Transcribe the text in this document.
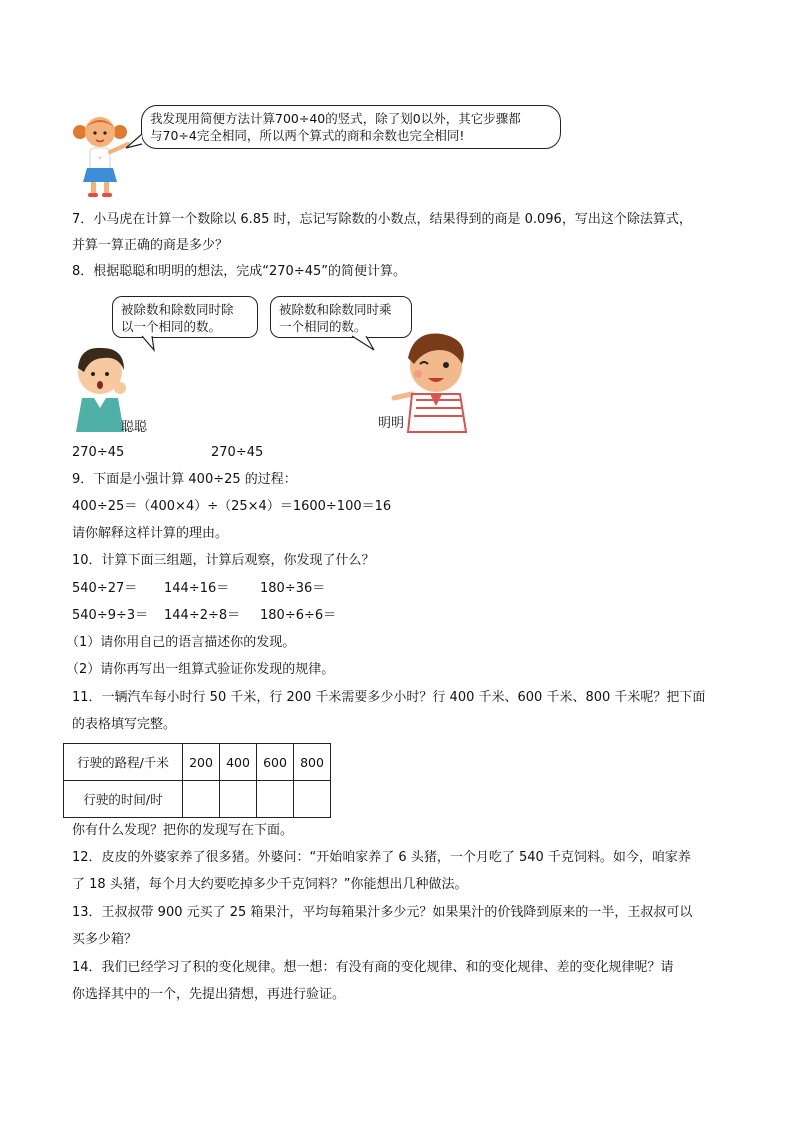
我发现用简便方法计算700÷40的竖式，除了划0以外，其它步骤都
与70÷4完全相同，所以两个算式的商和余数也完全相同!
7．小马虎在计算一个数除以 6.85 时，忘记写除数的小数点，结果得到的商是 0.096，写出这个除法算式，
并算一算正确的商是多少？
8．根据聪聪和明明的想法，完成“270÷45”的简便计算。
被除数和除数同时除
以一个相同的数。
被除数和除数同时乘
一个相同的数。
聪聪	明明
270÷45	270÷45
9．下面是小强计算 400÷25 的过程：
400÷25＝（400×4）÷（25×4）＝1600÷100＝16
请你解释这样计算的理由。
10．计算下面三组题，计算后观察，你发现了什么？
540÷27＝ 144÷16＝ 180÷36＝
540÷9÷3＝ 144÷2÷8＝ 180÷6÷6＝
（1）请你用自己的语言描述你的发现。
（2）请你再写出一组算式验证你发现的规律。
11．一辆汽车每小时行 50 千米，行 200 千米需要多少小时？行 400 千米、600 千米、800 千米呢？把下面
的表格填写完整。
行驶的路程/千米	200	400	600	800
行驶的时间/时				
你有什么发现？把你的发现写在下面。
12．皮皮的外婆家养了很多猪。外婆问：“开始咱家养了 6 头猪，一个月吃了 540 千克饲料。如今，咱家养
了 18 头猪，每个月大约要吃掉多少千克饲料？”你能想出几种做法。
13．王叔叔带 900 元买了 25 箱果汁，平均每箱果汁多少元？如果果汁的价钱降到原来的一半，王叔叔可以
买多少箱？
14．我们已经学习了积的变化规律。想一想：有没有商的变化规律、和的变化规律、差的变化规律呢？请
你选择其中的一个，先提出猜想，再进行验证。
